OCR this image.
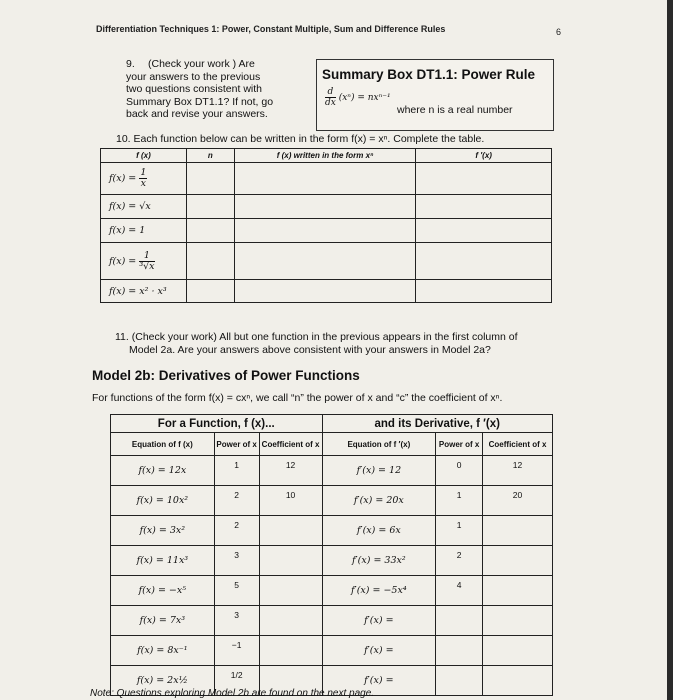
Differentiation Techniques 1: Power, Constant Multiple, Sum and Difference Rules	6
9. (Check your work ) Are
your answers to the previous
two questions consistent with
Summary Box DT1.1? If not, go
back and revise your answers.
Summary Box DT1.1: Power Rule
$\frac{d}{dx} (x^n) = nx^{n-1}$
where n is a real number
10. Each function below can be written in the form f(x) = xⁿ. Complete the table.
f (x)	n	f (x) written in the form xⁿ	f ′(x)
$f(x) = \frac{1}{x}$

f(x) = √x			
f(x) = 1			
$f(x) = \frac{1}{\text{³√x}}$

f(x) = x² · x³			
11. (Check your work) All but one function in the previous appears in the first column of
Model 2a. Are your answers above consistent with your answers in Model 2a?
Model 2b: Derivatives of Power Functions
For functions of the form f(x) = cxⁿ, we call “n” the power of x and “c” the coefficient of xⁿ.
For a Function, f (x)...			and its Derivative, f ′(x)		
Equation of f (x)	Power of x	Coefficient of x	Equation of f ′(x)	Power of x	Coefficient of x
f(x) = 12x	1	12	f′(x) = 12	0	12
f(x) = 10x²	2	10	f′(x) = 20x	1	20
f(x) = 3x²	2		f′(x) = 6x	1	
f(x) = 11x³	3		f′(x) = 33x²	2	
f(x) = −x⁵	5		f′(x) = −5x⁴	4	
f(x) = 7x³	3		f′(x) =		
f(x) = 8x⁻¹	−1		f′(x) =		
f(x) = 2x½	1/2		f′(x) =		
Note: Questions exploring Model 2b are found on the next page.
